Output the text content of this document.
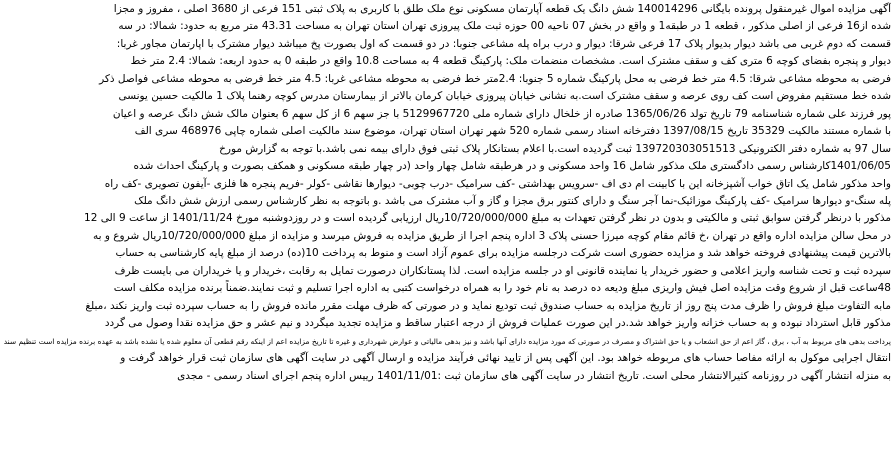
آگهی مزایده اموال غیرمنقول پرونده بایگانی 140014296 شش دانگ یک قطعه آپارتمان مسکونی نوع ملک طلق با کاربری به پلاک ثبتی 151 فرعی از 3680 اصلی ، مفروز و مجزا
شده از16 فرعی از اصلی مذکور ، قطعه 1 در طبقه1 و واقع در بخش 07 ناحیه 00 حوزه ثبت ملک پیروزی تهران استان تهران به مساحت 43.31 متر مربع به حدود: شمالا: در سه
قسمت که دوم غربی می باشد دیوار بدیوار پلاک 17 فرعی شرقا: دیوار و درب براه پله مشاعی جنوبا: در دو قسمت که اول بصورت پخ میباشد دیوار مشترک با اپارتمان مجاور غربا:
دیوار و پنجره بفضای کوچه 6 متری کف و سقف مشترک است. مشخصات منضمات ملک: پارکینگ قطعه 4 به مساحت 10.8 واقع در طبقه 0 به حدود اربعه: شمالا: 2.4 متر خط
فرضی به محوطه مشاعی شرقا: 4.5 متر خط فرضی به محل پارکینگ شماره 5 جنوبا: 2.4متر خط فرضی به محوطه مشاعی غربا: 4.5 متر خط فرضی به محوطه مشاعی فواصل ذکر
شده خط مستقیم مفروض است کف روی عرصه و سقف مشترک است.به نشانی خیابان پیروزی خیابان کرمان بالاتر از بیمارستان مدرس کوچه رهنما پلاک 1 مالکیت حسین یونسی
پور فرزند علی شماره شناسنامه 79 تاریخ تولد 1365/06/26 صادره از خلخال دارای شماره ملی 5129967720 با جز سهم 6 از کل سهم 6 بعنوان مالک شش دانگ عرصه و اعیان
با شماره مستند مالکیت 35329 تاریخ 1397/08/15 دفترخانه اسناد رسمی شماره 520 شهر تهران استان تهران، موضوع سند مالکیت اصلی شماره چاپی 468976 سری الف
سال 97 به شماره دفتر الکترونیکی 139720303051513 ثبت گردیده است.با اعلام بستانکار پلاک ثبتی فوق دارای بیمه نمی باشد.با توجه به گزارش مورخ
1401/06/05کارشناس رسمی دادگستری ملک مذکور شامل 16 واحد مسکونی و در هرطبقه شامل چهار واحد (در چهار طبقه مسکونی و همکف بصورت و پارکینگ احداث شده
واحد مذکور شامل یک اتاق خواب آشپزخانه این با کابینت ام دی اف -سرویس بهداشتی -کف سرامیک -درب چوبی- دیوارها نقاشی -کولر -فریم پنجره ها فلزی -آیفون تصویری -کف راه
پله سنگ-و دیوارها سرامیک -کف پارکینگ موزائیک-نما آجر سنگ و دارای کنتور برق مجزا و گاز و آب مشترک می باشد .و باتوجه به نظر کارشناس رسمی ارزش شش دانگ ملک
مذکور با درنظر گرفتن سوابق ثبتی و مالکیتی و بدون در نظر گرفتن تعهدات به مبلغ 10/720/000/000ریال ارزیابی گردیده است و در روزدوشنبه مورخ 1401/11/24 از ساعت 9 الی 12
در محل سالن مزایده اداره واقع در تهران ،خ قائم مقام کوچه میرزا حسنی پلاک 3 اداره پنجم اجرا از طریق مزایده به فروش میرسد و مزایده از مبلغ 10/720/000/000ریال شروع و به
بالاترین قیمت پیشنهادی فروخته خواهد شد و مزایده حضوری است شرکت درجلسه مزایده برای عموم آزاد است و منوط به پرداخت 10(ده) درصد از مبلغ پایه کارشناسی به حساب
سپرده ثبت و تحت شناسه واریز اعلامی و حضور خریدار یا نماینده قانونی او در جلسه مزایده است. لذا پستانکاران درصورت تمایل به رقابت ،خریدار و یا خریداران می بایست ظرف
48ساعت قبل از شروع وقت مزایده اصل فیش واریزی مبلغ ودیعه ده درصد به نام خود را به همراه درخواست کتبی به اداره اجرا تسلیم و ثبت نمایند.ضمناً برنده مزایده مکلف است
مابه التفاوت مبلغ فروش را ظرف مدت پنج روز از تاریخ مزایده به حساب صندوق ثبت تودیع نماید و در صورتی که ظرف مهلت مقرر مانده فروش را به حساب سپرده ثبت واریز نکند ،مبلغ
مذکور قابل استرداد نبوده و به حساب خزانه واریز خواهد شد.در این صورت عملیات فروش از درجه اعتبار ساقط و مزایده تجدید میگردد و نیم عشر و حق مزایده نقدا وصول می گردد
پرداخت بدهی های مربوط به آب ، برق ، گاز اعم از حق انشعاب و یا حق اشتراک و مصرف در صورتی که مورد مزایده دارای آنها باشد و نیز بدهی مالیاتی و عوارض شهرداری و غیره تا تاریخ مزایده اعم از اینکه رقم قطعی آن معلوم شده یا نشده باشد به عهده برنده مزایده است تنظیم سند
انتقال اجرایی موکول به ارائه مفاصا حساب های مربوطه خواهد بود. این آگهی پس از تایید نهائی فرآیند مزایده و ارسال آگهی در سایت آگهی های سازمان ثبت قرار خواهد گرفت و
به منزله انتشار آگهی در روزنامه کثیرالانتشار محلی است. تاریخ انتشار در سایت آگهی های سازمان ثبت :1401/11/01 رییس اداره پنجم اجرای اسناد رسمی - مجدی
